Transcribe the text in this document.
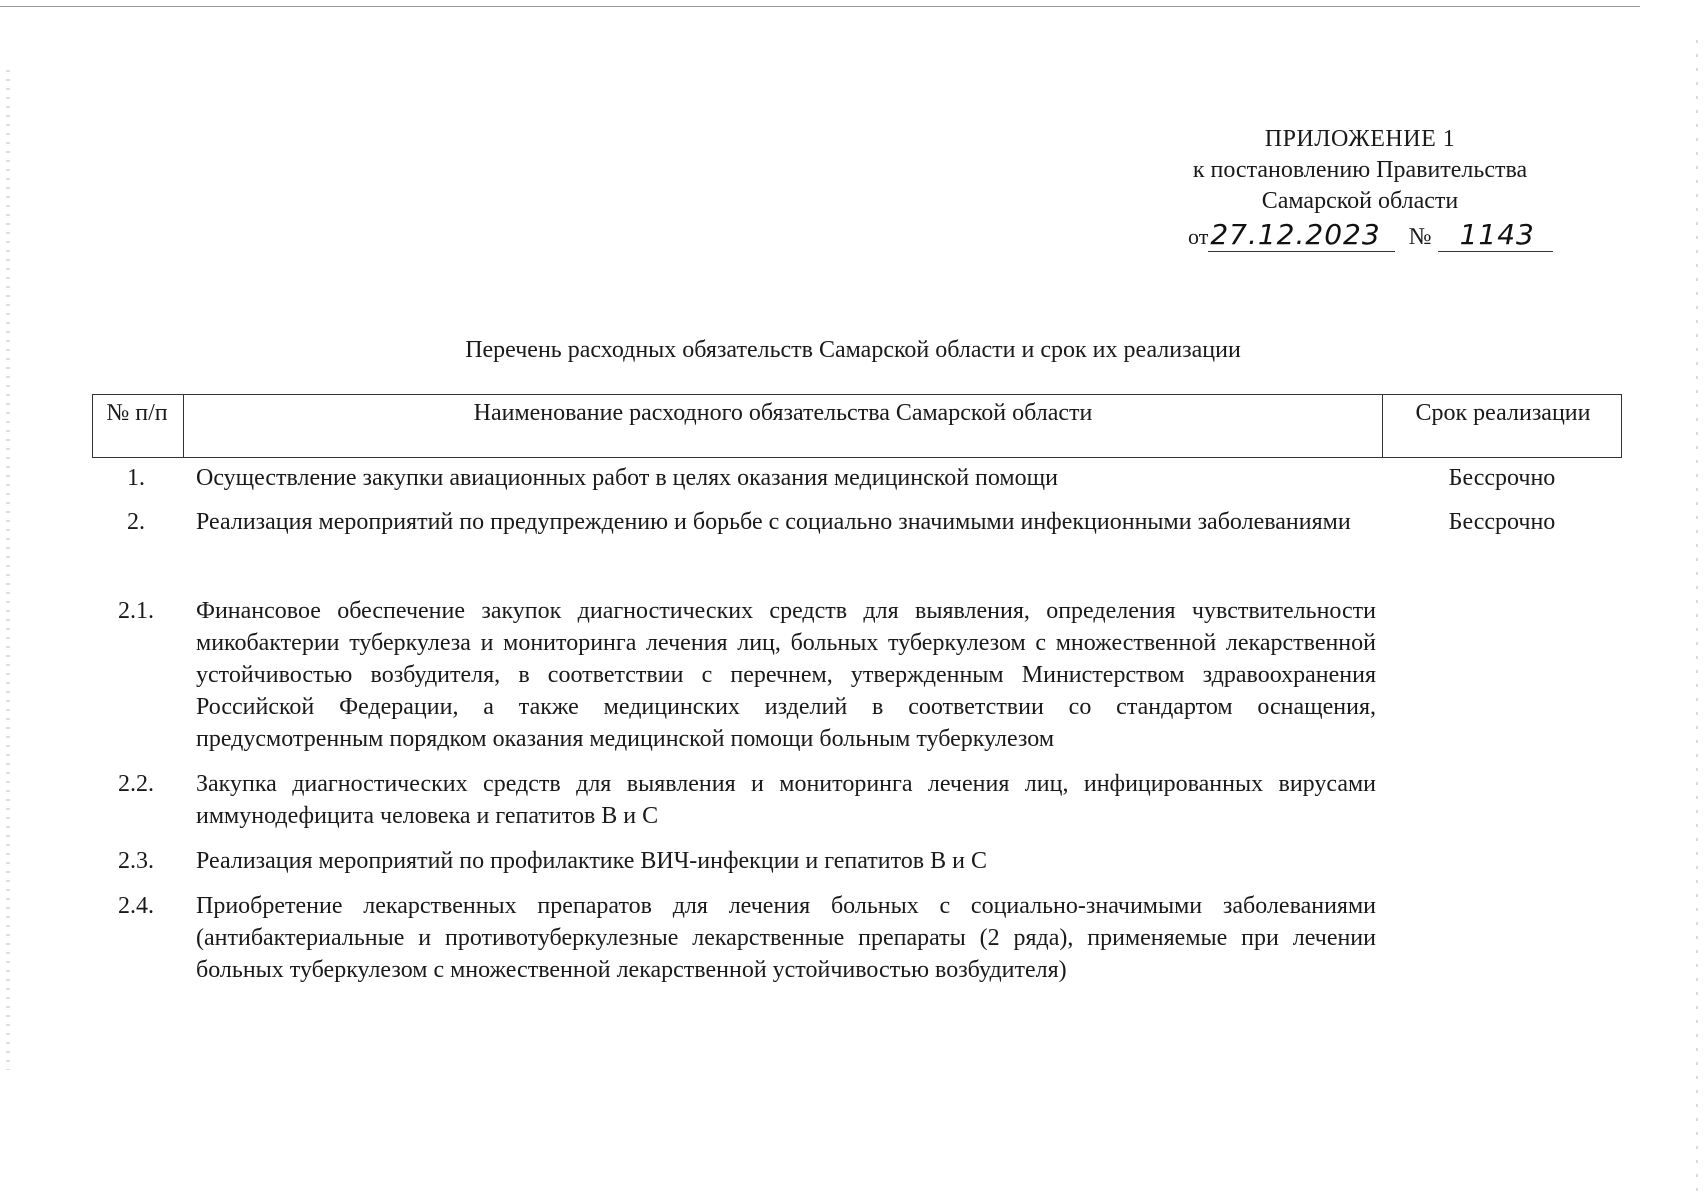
ПРИЛОЖЕНИЕ 1
к постановлению Правительства
Самарской области
от27.12.2023 № 1143
Перечень расходных обязательств Самарской области и срок их реализации
№ п/п	Наименование расходного обязательства Самарской области	Срок реализации
1.	Осуществление закупки авиационных работ в целях оказания медицинской помощи	Бессрочно
2.	Реализация мероприятий по предупреждению и борьбе с социально значимыми инфекционными заболеваниями	Бессрочно
2.1.	Финансовое обеспечение закупок диагностических средств для выявления, определения чувствительности микобактерии туберкулеза и мониторинга лечения лиц, больных туберкулезом с множественной лекарственной устойчивостью возбудителя, в соответствии с перечнем, утвержденным Министерством здравоохранения Российской Федерации, а также медицинских изделий в соответствии со стандартом оснащения, предусмотренным порядком оказания медицинской помощи больным туберкулезом
2.2.	Закупка диагностических средств для выявления и мониторинга лечения лиц, инфицированных вирусами иммунодефицита человека и гепатитов В и С
2.3.	Реализация мероприятий по профилактике ВИЧ-инфекции и гепатитов В и С
2.4.	Приобретение лекарственных препаратов для лечения больных с социально-значимыми заболеваниями (антибактериальные и противотуберкулезные лекарственные препараты (2 ряда), применяемые при лечении больных туберкулезом с множественной лекарственной устойчивостью возбудителя)
